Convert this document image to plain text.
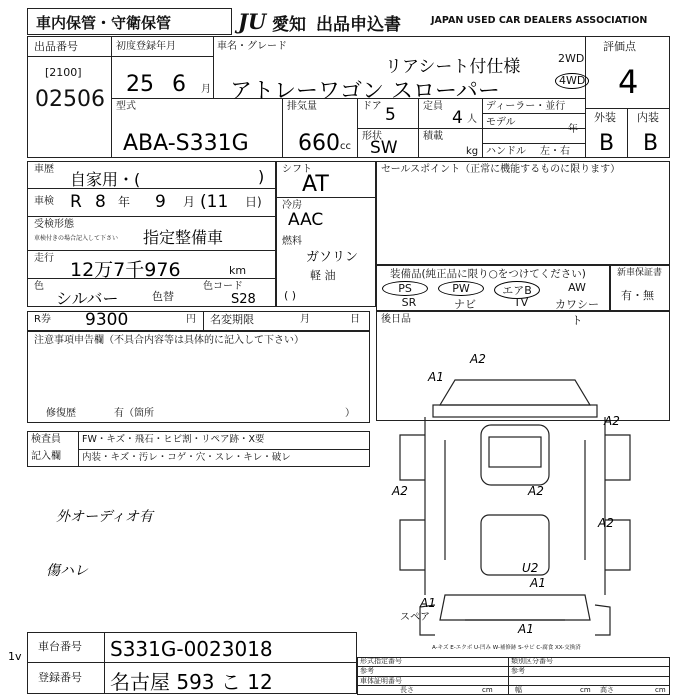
車内保管・守衛保管	JU 愛知 出品申込書	JAPAN USED CAR DEALERS ASSOCIATION
出品番号
[2100]
02506
初度登録年月
25 6 月
車名・グレード
リアシート付仕様
アトレーワゴン スローパー
2WD
4WD
評価点
4
外装 内装
B B
型式
ABA-S331G
排気量
660 cc
ドア 5	定員
4 人
形状
SW
積載
kg
ディーラー・並行
モデル
年
ハンドル 左・右
車歴
自家用・(	)
車検 R 8 年 9 月 (11 日)
受検形態
車検付きの場合記入して下さい 指定整備車
走行
12万7千976	km
色
シルバー	色替
色コード
S28
シフト
AT
冷房
AAC
燃料
ガソリン
軽 油
( )
セールスポイント（正常に機能するものに限ります）
装備品(純正品に限り○をつけてください)	新車保証書
有・無
PS	PW	エアB	AW
SR	ナビ	TV	カワシート
R券 9300	円 名変期限	月	日 後日品
注意事項申告欄（不具合内容等は具体的に記入して下さい）
修復歴	有（箇所	）
検査員
記入欄
FW・キズ・飛石・ヒビ割・リペア跡・X要
内装・キズ・汚レ・コゲ・穴・スレ・キレ・破レ
外オーディオ有
傷ハレ
A2
A1
A2
A2	A2
A2
U2
A1
A1
A1
スペア
A-キズ E-エクボ U-凹み W-補修跡 S-サビ C-腐食 XX-交換済
1v
車台番号 S331G-0023018
登録番号 名古屋 593 こ 12
形式指定番号	類別区分番号
参考	参考
車体証明番号
長さ	cm	幅	cm 高さ	cm
